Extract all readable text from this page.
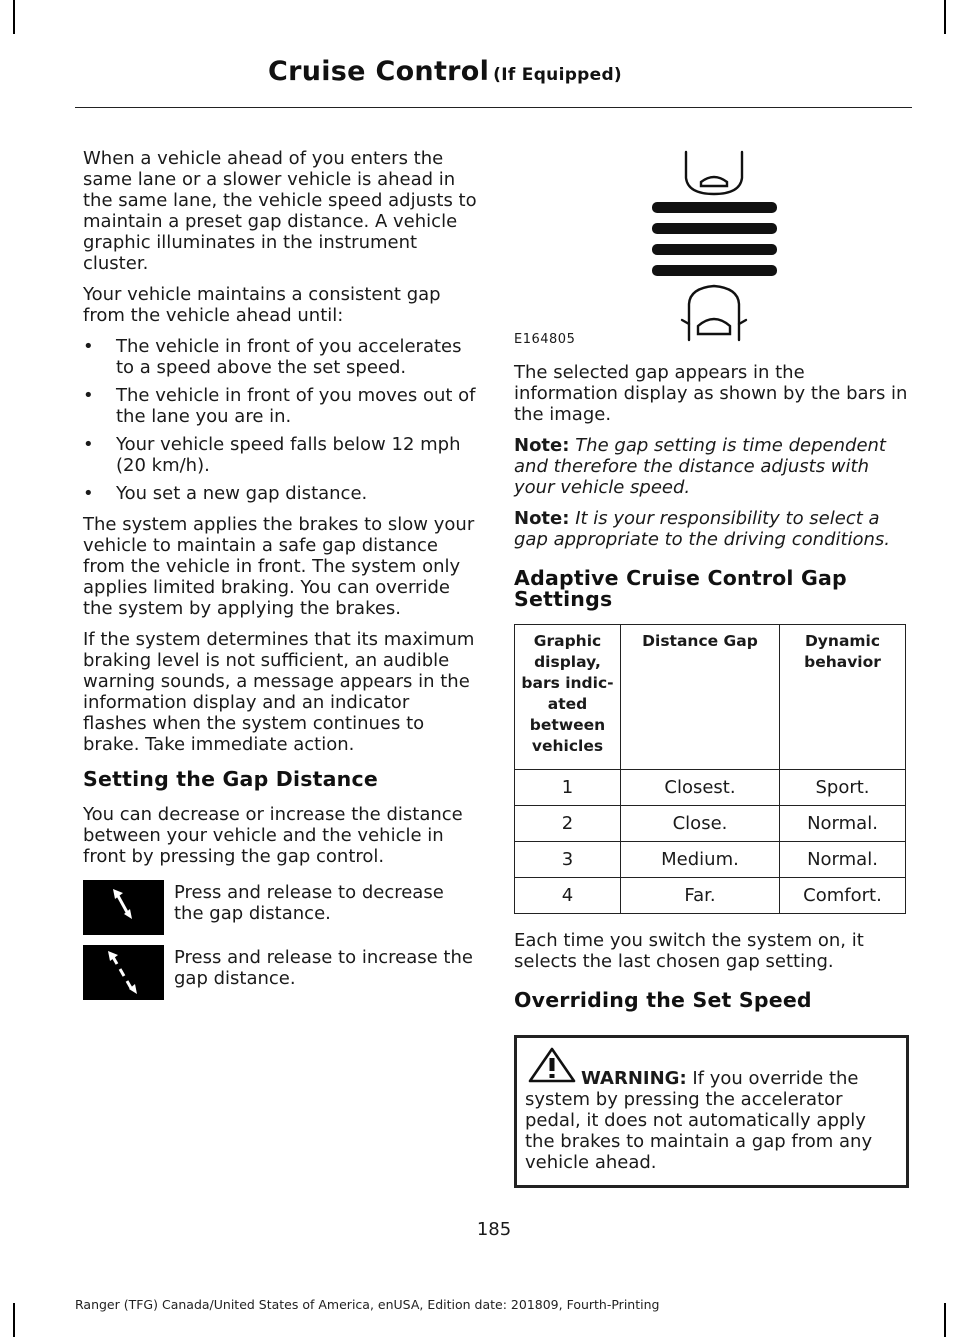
Cruise Control (If Equipped)

When a vehicle ahead of you enters the same lane or a slower vehicle is ahead in the same lane, the vehicle speed adjusts to maintain a preset gap distance. A vehicle graphic illuminates in the instrument cluster.

Your vehicle maintains a consistent gap from the vehicle ahead until:

• The vehicle in front of you accelerates to a speed above the set speed.
• The vehicle in front of you moves out of the lane you are in.
• Your vehicle speed falls below 12 mph (20 km/h).
• You set a new gap distance.

The system applies the brakes to slow your vehicle to maintain a safe gap distance from the vehicle in front. The system only applies limited braking. You can override the system by applying the brakes.

If the system determines that its maximum braking level is not sufficient, an audible warning sounds, a message appears in the information display and an indicator flashes when the system continues to brake. Take immediate action.

Setting the Gap Distance

You can decrease or increase the distance between your vehicle and the vehicle in front by pressing the gap control.

Press and release to decrease the gap distance.
Press and release to increase the gap distance.
E164805

The selected gap appears in the information display as shown by the bars in the image.

Note: The gap setting is time dependent and therefore the distance adjusts with your vehicle speed.

Note: It is your responsibility to select a gap appropriate to the driving conditions.

Adaptive Cruise Control Gap Settings
Graphic display, bars indic-ated between vehicles	Distance Gap	Dynamic behavior
1	Closest.	Sport.
2	Close.	Normal.
3	Medium.	Normal.
4	Far.	Comfort.

Each time you switch the system on, it selects the last chosen gap setting.

Overriding the Set Speed
WARNING: If you override the system by pressing the accelerator pedal, it does not automatically apply the brakes to maintain a gap from any vehicle ahead.
185
Ranger (TFG) Canada/United States of America, enUSA, Edition date: 201809, Fourth-Printing
